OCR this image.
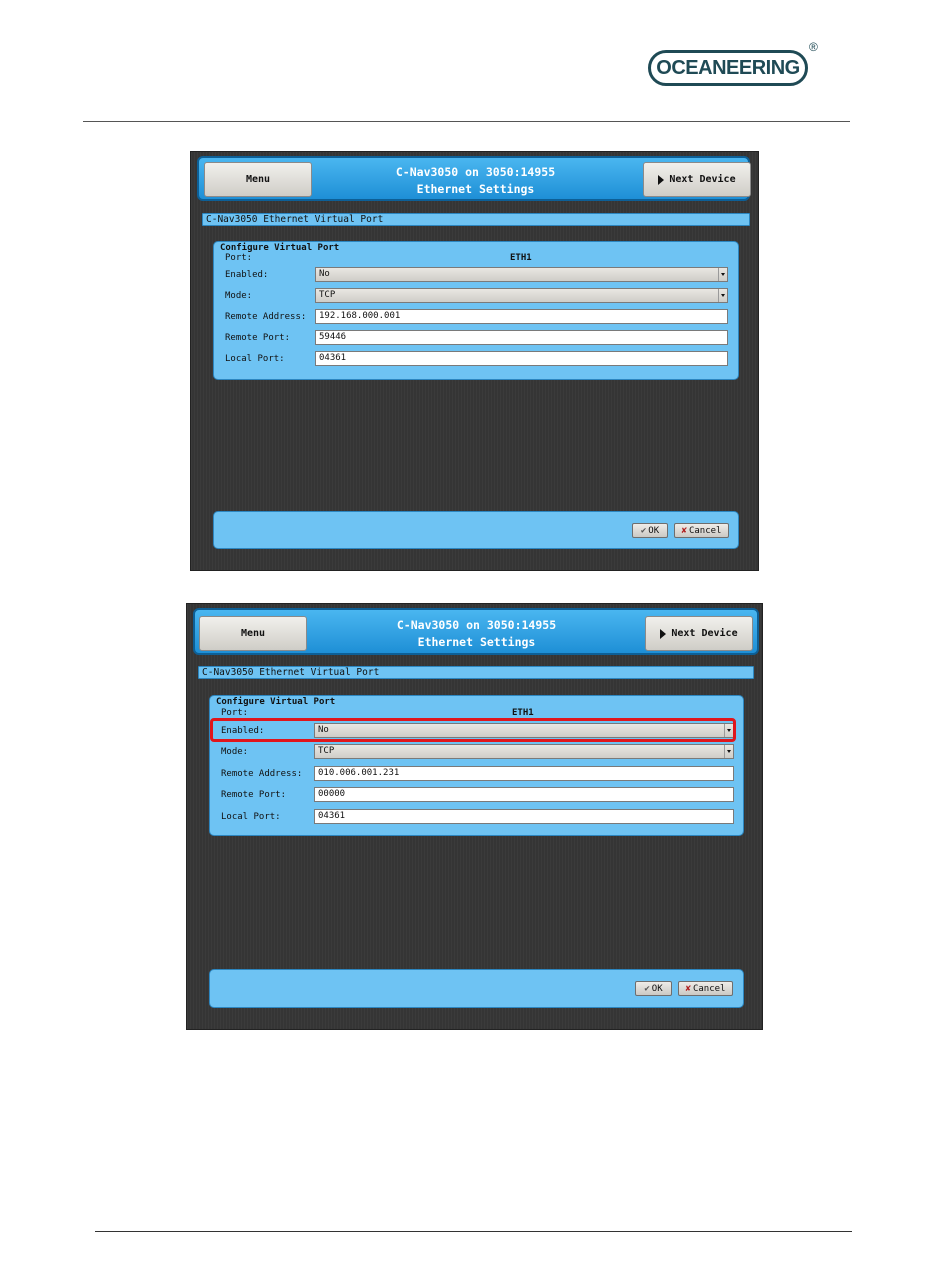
OCEANEERING
®
Menu
C-Nav3050 on 3050:14955
Ethernet Settings
Next Device
C-Nav3050 Ethernet Virtual Port
Configure Virtual Port
Port:	ETH1
Enabled:	No
Mode:	TCP
Remote Address:	192.168.000.001
Remote Port:	59446
Local Port:	04361
✔ OK ✘ Cancel
Menu
C-Nav3050 on 3050:14955
Ethernet Settings
Next Device
C-Nav3050 Ethernet Virtual Port
Configure Virtual Port
Port:	ETH1
Enabled:	No
Mode:	TCP
Remote Address:	010.006.001.231
Remote Port:	00000
Local Port:	04361
✔ OK	✘ Cancel
